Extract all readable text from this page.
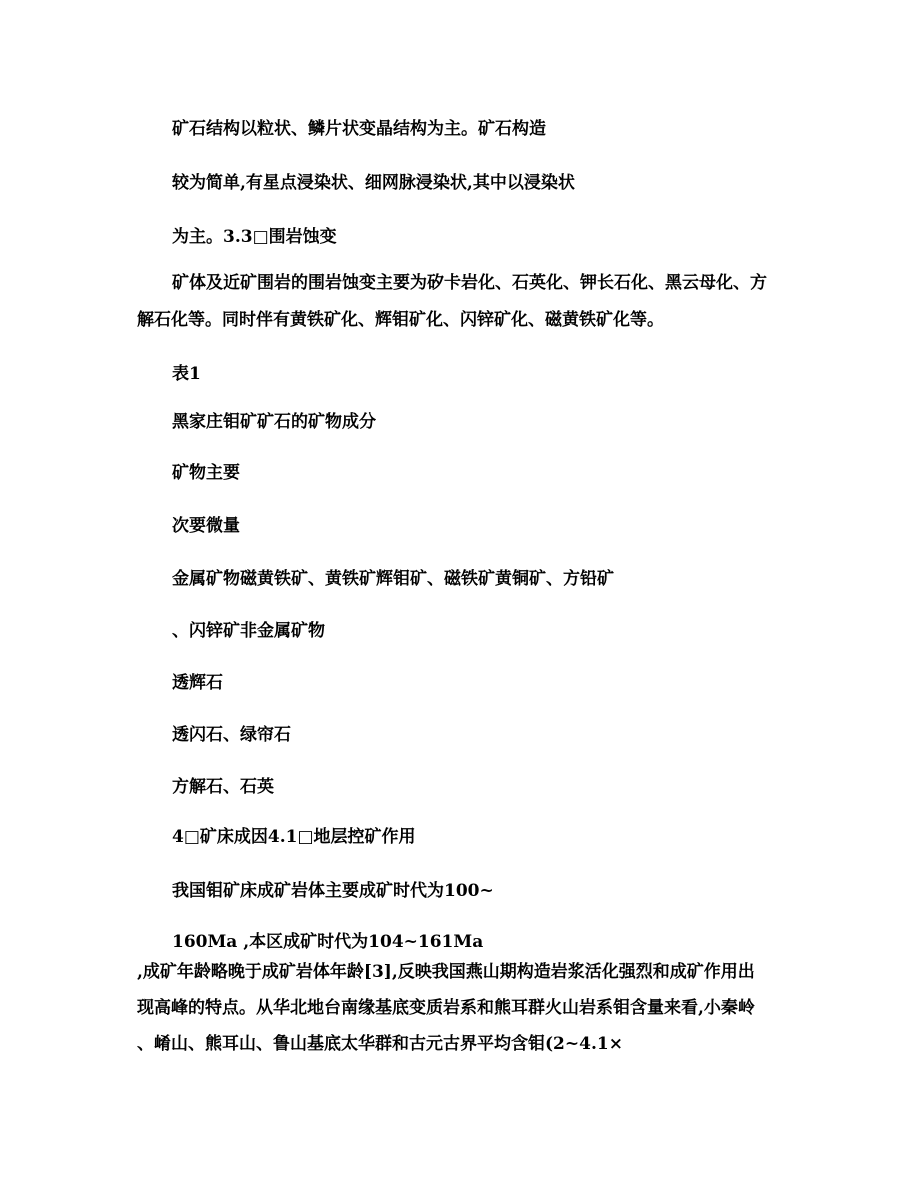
矿石结构以粒状、鳞片状变晶结构为主。矿石构造
较为简单,有星点浸染状、细网脉浸染状,其中以浸染状
为主。3.3□围岩蚀变
矿体及近矿围岩的围岩蚀变主要为矽卡岩化、石英化、钾长石化、黑云母化、方
解石化等。同时伴有黄铁矿化、辉钼矿化、闪锌矿化、磁黄铁矿化等。
表1
黑家庄钼矿矿石的矿物成分
矿物主要
次要微量
金属矿物磁黄铁矿、黄铁矿辉钼矿、磁铁矿黄铜矿、方铅矿
、闪锌矿非金属矿物
透辉石
透闪石、绿帘石
方解石、石英
4□矿床成因4.1□地层控矿作用
我国钼矿床成矿岩体主要成矿时代为100~
160Ma ,本区成矿时代为104~161Ma
,成矿年龄略晚于成矿岩体年龄[3],反映我国燕山期构造岩浆活化强烈和成矿作用出
现高峰的特点。从华北地台南缘基底变质岩系和熊耳群火山岩系钼含量来看,小秦岭
、崤山、熊耳山、鲁山基底太华群和古元古界平均含钼(2~4.1×
